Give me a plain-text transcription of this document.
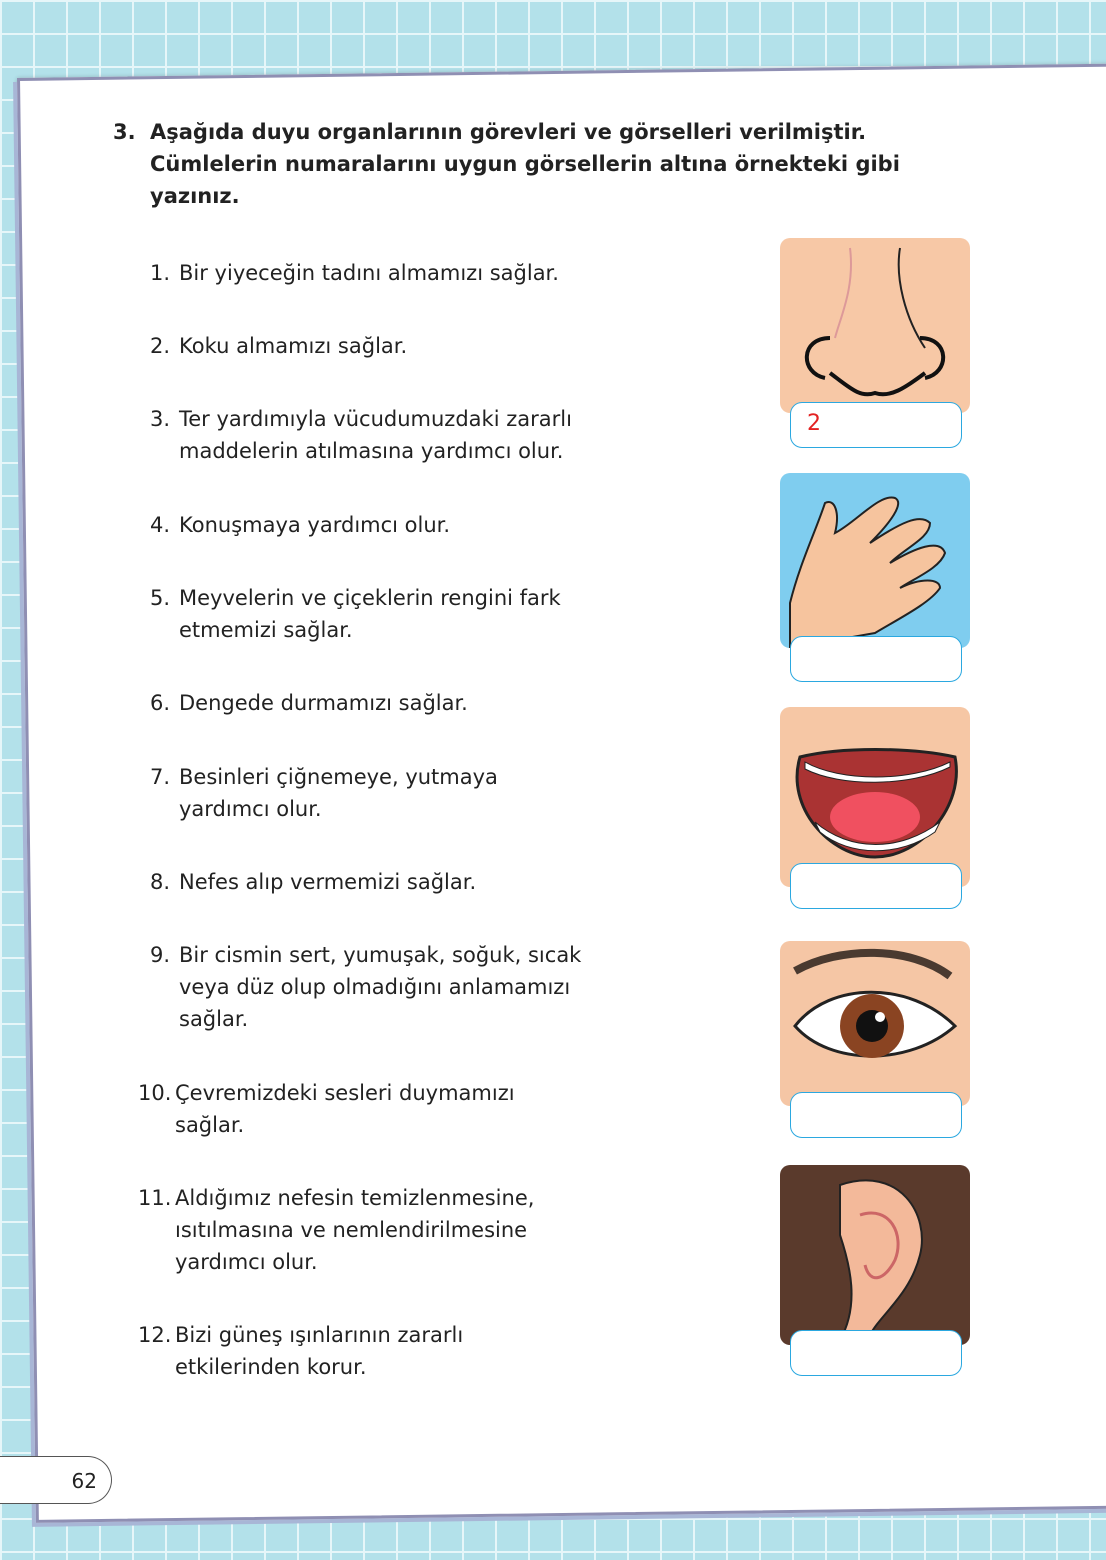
3. Aşağıda duyu organlarının görevleri ve görselleri verilmiştir. Cümlelerin numaralarını uygun görsellerin altına örnekteki gibi yazınız.
1. Bir yiyeceğin tadını almamızı sağlar.
2. Koku almamızı sağlar.
3. Ter yardımıyla vücudumuzdaki zararlı
maddelerin atılmasına yardımcı olur.
4. Konuşmaya yardımcı olur.
5. Meyvelerin ve çiçeklerin rengini fark
etmemizi sağlar.
6. Dengede durmamızı sağlar.
7. Besinleri çiğnemeye, yutmaya
yardımcı olur.
8. Nefes alıp vermemizi sağlar.
9. Bir cismin sert, yumuşak, soğuk, sıcak
veya düz olup olmadığını anlamamızı
sağlar.
10. Çevremizdeki sesleri duymamızı
sağlar.
11. Aldığımız nefesin temizlenmesine,
ısıtılmasına ve nemlendirilmesine
yardımcı olur.
12. Bizi güneş ışınlarının zararlı
etkilerinden korur.
2
62
